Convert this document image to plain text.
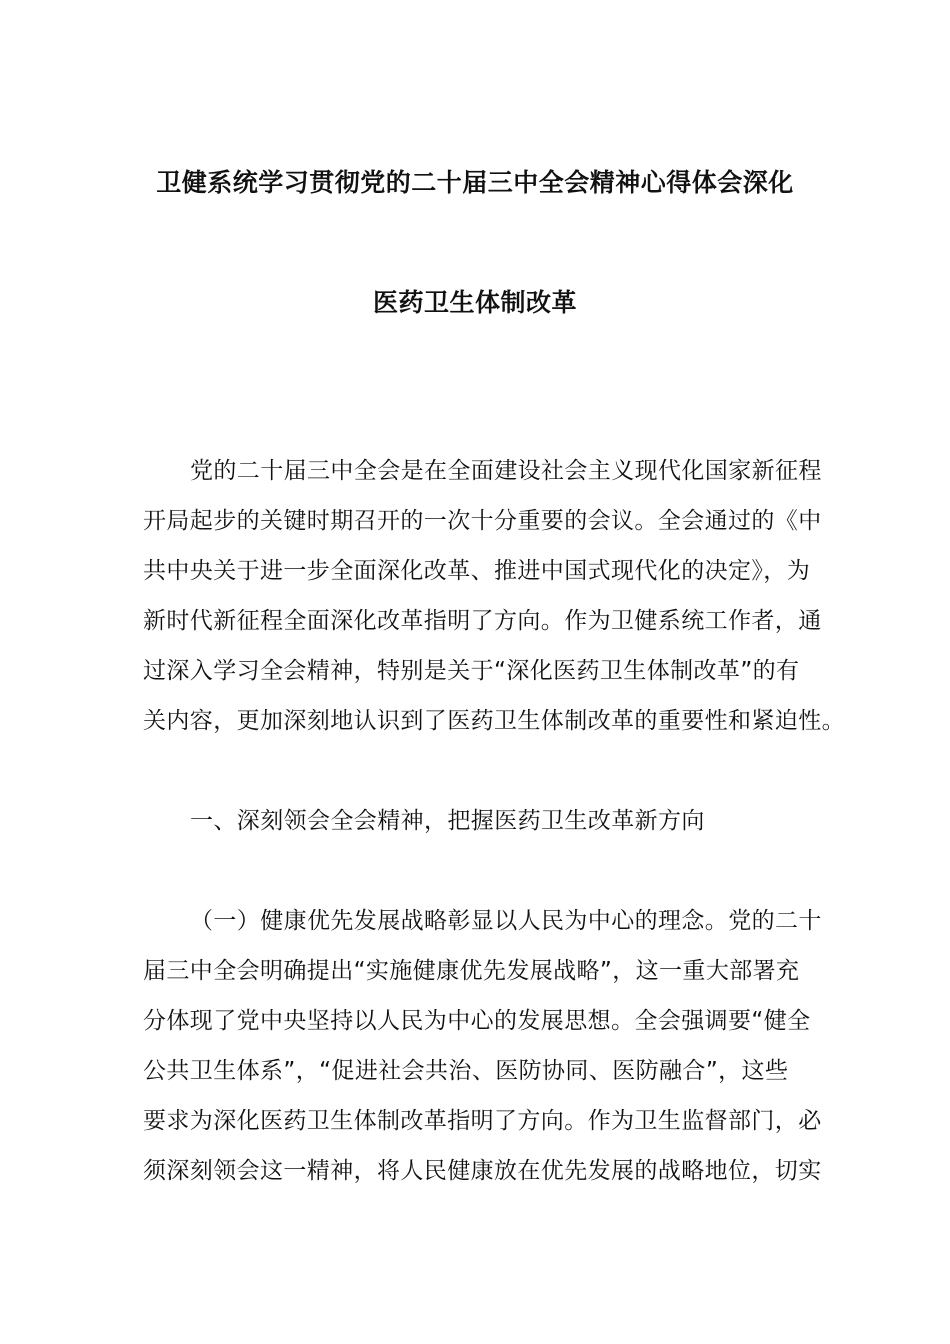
卫健系统学习贯彻党的二十届三中全会精神心得体会深化
医药卫生体制改革
党的二十届三中全会是在全面建设社会主义现代化国家新征程
开局起步的关键时期召开的一次十分重要的会议。全会通过的《中
共中央关于进一步全面深化改革、推进中国式现代化的决定》，为
新时代新征程全面深化改革指明了方向。作为卫健系统工作者，通
过深入学习全会精神，特别是关于“深化医药卫生体制改革”的有
关内容，更加深刻地认识到了医药卫生体制改革的重要性和紧迫性。
一、深刻领会全会精神，把握医药卫生改革新方向
（一）健康优先发展战略彰显以人民为中心的理念。党的二十
届三中全会明确提出“实施健康优先发展战略”，这一重大部署充
分体现了党中央坚持以人民为中心的发展思想。全会强调要“健全
公共卫生体系”，“促进社会共治、医防协同、医防融合”，这些
要求为深化医药卫生体制改革指明了方向。作为卫生监督部门，必
须深刻领会这一精神，将人民健康放在优先发展的战略地位，切实
